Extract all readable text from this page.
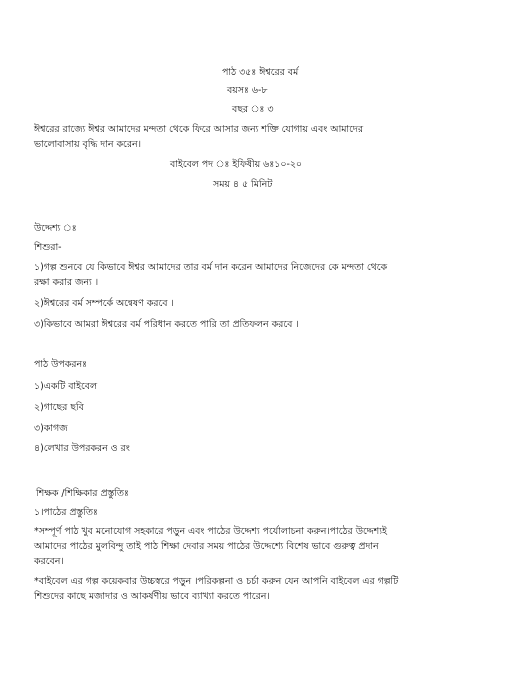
পাঠ ৩৫ঃ ঈশ্বরের বর্ম
বয়সঃ ৬-৮
বছর ঃ ৩
ঈশ্বরের রাজ্যে ঈশ্বর আমাদের মন্দতা থেকে ফিরে আসার জন্য শক্তি যোগায় এবং আমাদের
ভালোবাসায় বৃদ্ধি দান করেন।
বাইবেল পদ ঃ ইফিষীয় ৬ঃ১০-২০
সময় ৪ ৫ মিনিট
উদ্দেশ্য ঃ
শিশুরা-
১)গল্প শুনবে যে কিভাবে ঈশ্বর আমাদের তার বর্ম দান করেন আমাদের নিজেদের কে মন্দতা থেকে
রক্ষা করার জন্য ।
২)ঈশ্বরের বর্ম সম্পর্কে অন্বেষণ করবে ।
৩)কিভাবে আমরা ঈশ্বরের বর্ম পরিধান করতে পারি তা প্রতিফলন করবে ।
পাঠ উপকরনঃ
১)একটি বাইবেল
২)গাছের ছবি
৩)কাগজ
৪)লেখার উপরকরন ও রং
শিক্ষক /শিক্ষিকার প্রস্তুতিঃ
১।পাঠের প্রস্তুতিঃ
*সম্পূর্ণ পাঠ খুব মনোযোগ সহকারে পড়ুন এবং পাঠের উদ্দেশ্য পর্যোলাচনা করুন।পাঠের উদ্দেশ্যই
আমাদের পাঠের মুলবিন্দু তাই পাঠ শিক্ষা দেবার সময় পাঠের উদ্দেশ্যে বিশেষ ভাবে গুরুত্ব প্রদান
করবেন।
*বাইবেল এর গল্প কয়েকবার উচ্চস্বরে পড়ুন ।পরিকল্পনা ও চর্চা করুন যেন আপনি বাইবেল এর গল্পটি
শিশুদের কাছে মজাদার ও আকর্ষণীয় ভাবে ব্যাখ্যা করতে পারেন।
